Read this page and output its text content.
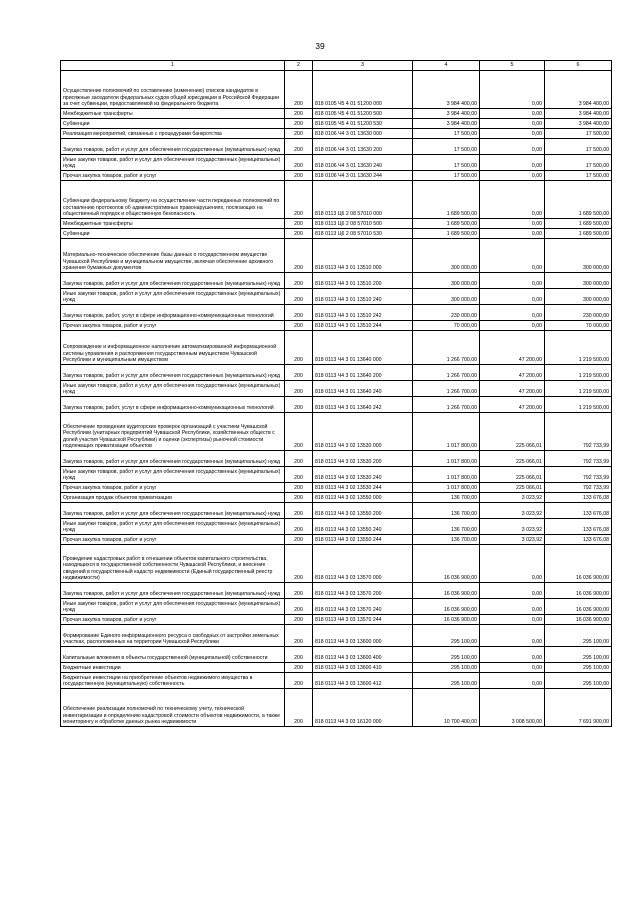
39
1	2	3	4	5	6
Осуществление полномочий по составлению (изменению) списков кандидатов в присяжные заседатели федеральных судов общей юрисдикции в Российской Федерации за счет субвенции, предоставляемой из федерального бюджета	200	818 0105 Ч5 4 01 51200 000	3 984 400,00	0,00	3 984 400,00
Межбюджетные трансферты	200	818 0105 Ч5 4 01 51200 500	3 984 400,00	0,00	3 984 400,00
Субвенции	200	818 0105 Ч5 4 01 51200 530	3 984 400,00	0,00	3 984 400,00
Реализация мероприятий, связанных с процедурами банкротства	200	818 0106 Ч4 3 01 13630 000	17 500,00	0,00	17 500,00
Закупка товаров, работ и услуг для обеспечения государственных (муниципальных) нужд	200	818 0106 Ч4 3 01 13630 200	17 500,00	0,00	17 500,00
Иные закупки товаров, работ и услуг для обеспечения государственных (муниципальных) нужд	200	818 0106 Ч4 3 01 13630 240	17 500,00	0,00	17 500,00
Прочая закупка товаров, работ и услуг	200	818 0106 Ч4 3 01 13630 244	17 500,00	0,00	17 500,00
Субвенции федеральному бюджету на осуществление части переданных полномочий по составлению протоколов об административных правонарушениях, посягающих на общественный порядок и общественную безопасность	200	818 0113 Ц6 2 08 57010 000	1 689 500,00	0,00	1 689 500,00
Межбюджетные трансферты	200	818 0113 Ц6 2 08 57010 500	1 689 500,00	0,00	1 689 500,00
Субвенции	200	818 0113 Ц6 2 08 57010 530	1 689 500,00	0,00	1 689 500,00
Материально-техническое обеспечение базы данных о государственном имуществе Чувашской Республики и муниципальном имуществе, включая обеспечение архивного хранения бумажных документов	200	818 0113 Ч4 3 01 13510 000	300 000,00	0,00	300 000,00
Закупка товаров, работ и услуг для обеспечения государственных (муниципальных) нужд	200	818 0113 Ч4 3 01 13510 200	300 000,00	0,00	300 000,00
Иные закупки товаров, работ и услуг для обеспечения государственных (муниципальных) нужд	200	818 0113 Ч4 3 01 13510 240	300 000,00	0,00	300 000,00
Закупка товаров, работ, услуг в сфере информационно-коммуникационных технологий	200	818 0113 Ч4 3 01 13510 242	230 000,00	0,00	230 000,00
Прочая закупка товаров, работ и услуг	200	818 0113 Ч4 3 01 13510 244	70 000,00	0,00	70 000,00
Сопровождение и информационное наполнение автоматизированной информационной системы управления и распоряжения государственным имуществом Чувашской Республики и муниципальным имуществом	200	818 0113 Ч4 3 01 13640 000	1 266 700,00	47 200,00	1 219 500,00
Закупка товаров, работ и услуг для обеспечения государственных (муниципальных) нужд	200	818 0113 Ч4 3 01 13640 200	1 266 700,00	47 200,00	1 219 500,00
Иные закупки товаров, работ и услуг для обеспечения государственных (муниципальных) нужд	200	818 0113 Ч4 3 01 13640 240	1 266 700,00	47 200,00	1 219 500,00
Закупка товаров, работ, услуг в сфере информационно-коммуникационных технологий	200	818 0113 Ч4 3 01 13640 242	1 266 700,00	47 200,00	1 219 500,00
Обеспечение проведения аудиторских проверок организаций с участием Чувашской Республики (унитарных предприятий Чувашской Республики, хозяйственных обществ с долей участия Чувашской Республики) и оценки (экспертизы) рыночной стоимости подлежащих приватизации объектов	200	818 0113 Ч4 3 02 13530 000	1 017 800,00	225 066,01	792 733,99
Закупка товаров, работ и услуг для обеспечения государственных (муниципальных) нужд	200	818 0113 Ч4 3 02 13530 200	1 017 800,00	225 066,01	792 733,99
Иные закупки товаров, работ и услуг для обеспечения государственных (муниципальных) нужд	200	818 0113 Ч4 3 02 13530 240	1 017 800,00	225 066,01	792 733,99
Прочая закупка товаров, работ и услуг	200	818 0113 Ч4 3 02 13530 244	1 017 800,00	225 066,01	792 733,99
Организация продаж объектов приватизации	200	818 0113 Ч4 3 02 13550 000	136 700,00	3 023,92	133 676,08
Закупка товаров, работ и услуг для обеспечения государственных (муниципальных) нужд	200	818 0113 Ч4 3 02 13550 200	136 700,00	3 023,92	133 676,08
Иные закупки товаров, работ и услуг для обеспечения государственных (муниципальных) нужд	200	818 0113 Ч4 3 02 13550 240	136 700,00	3 023,92	133 676,08
Прочая закупка товаров, работ и услуг	200	818 0113 Ч4 3 02 13550 244	136 700,00	3 023,92	133 676,08
Проведение кадастровых работ в отношении объектов капитального строительства, находящихся в государственной собственности Чувашской Республики, и внесение сведений в государственный кадастр недвижимости (Единый государственный реестр недвижимости)	200	818 0113 Ч4 3 03 13570 000	16 036 900,00	0,00	16 036 900,00
Закупка товаров, работ и услуг для обеспечения государственных (муниципальных) нужд	200	818 0113 Ч4 3 03 13570 200	16 036 900,00	0,00	16 036 900,00
Иные закупки товаров, работ и услуг для обеспечения государственных (муниципальных) нужд	200	818 0113 Ч4 3 03 13570 240	16 036 900,00	0,00	16 036 900,00
Прочая закупка товаров, работ и услуг	200	818 0113 Ч4 3 03 13570 244	16 036 900,00	0,00	16 036 900,00
Формирование Единого информационного ресурса о свободных от застройки земельных участках, расположенных на территории Чувашской Республики	200	818 0113 Ч4 3 03 13600 000	295 100,00	0,00	295 100,00
Капитальные вложения в объекты государственной (муниципальной) собственности	200	818 0113 Ч4 3 03 13600 400	295 100,00	0,00	295 100,00
Бюджетные инвестиции	200	818 0113 Ч4 3 03 13600 410	295 100,00	0,00	295 100,00
Бюджетные инвестиции на приобретение объектов недвижимого имущества в государственную (муниципальную) собственность	200	818 0113 Ч4 3 03 13600 412	295 100,00	0,00	295 100,00
Обеспечение реализации полномочий по техническому учету, технической инвентаризации и определению кадастровой стоимости объектов недвижимости, а также мониторингу и обработке данных рынка недвижимости	200	818 0113 Ч4 3 03 16120 000	10 700 400,00	3 008 500,00	7 691 900,00
